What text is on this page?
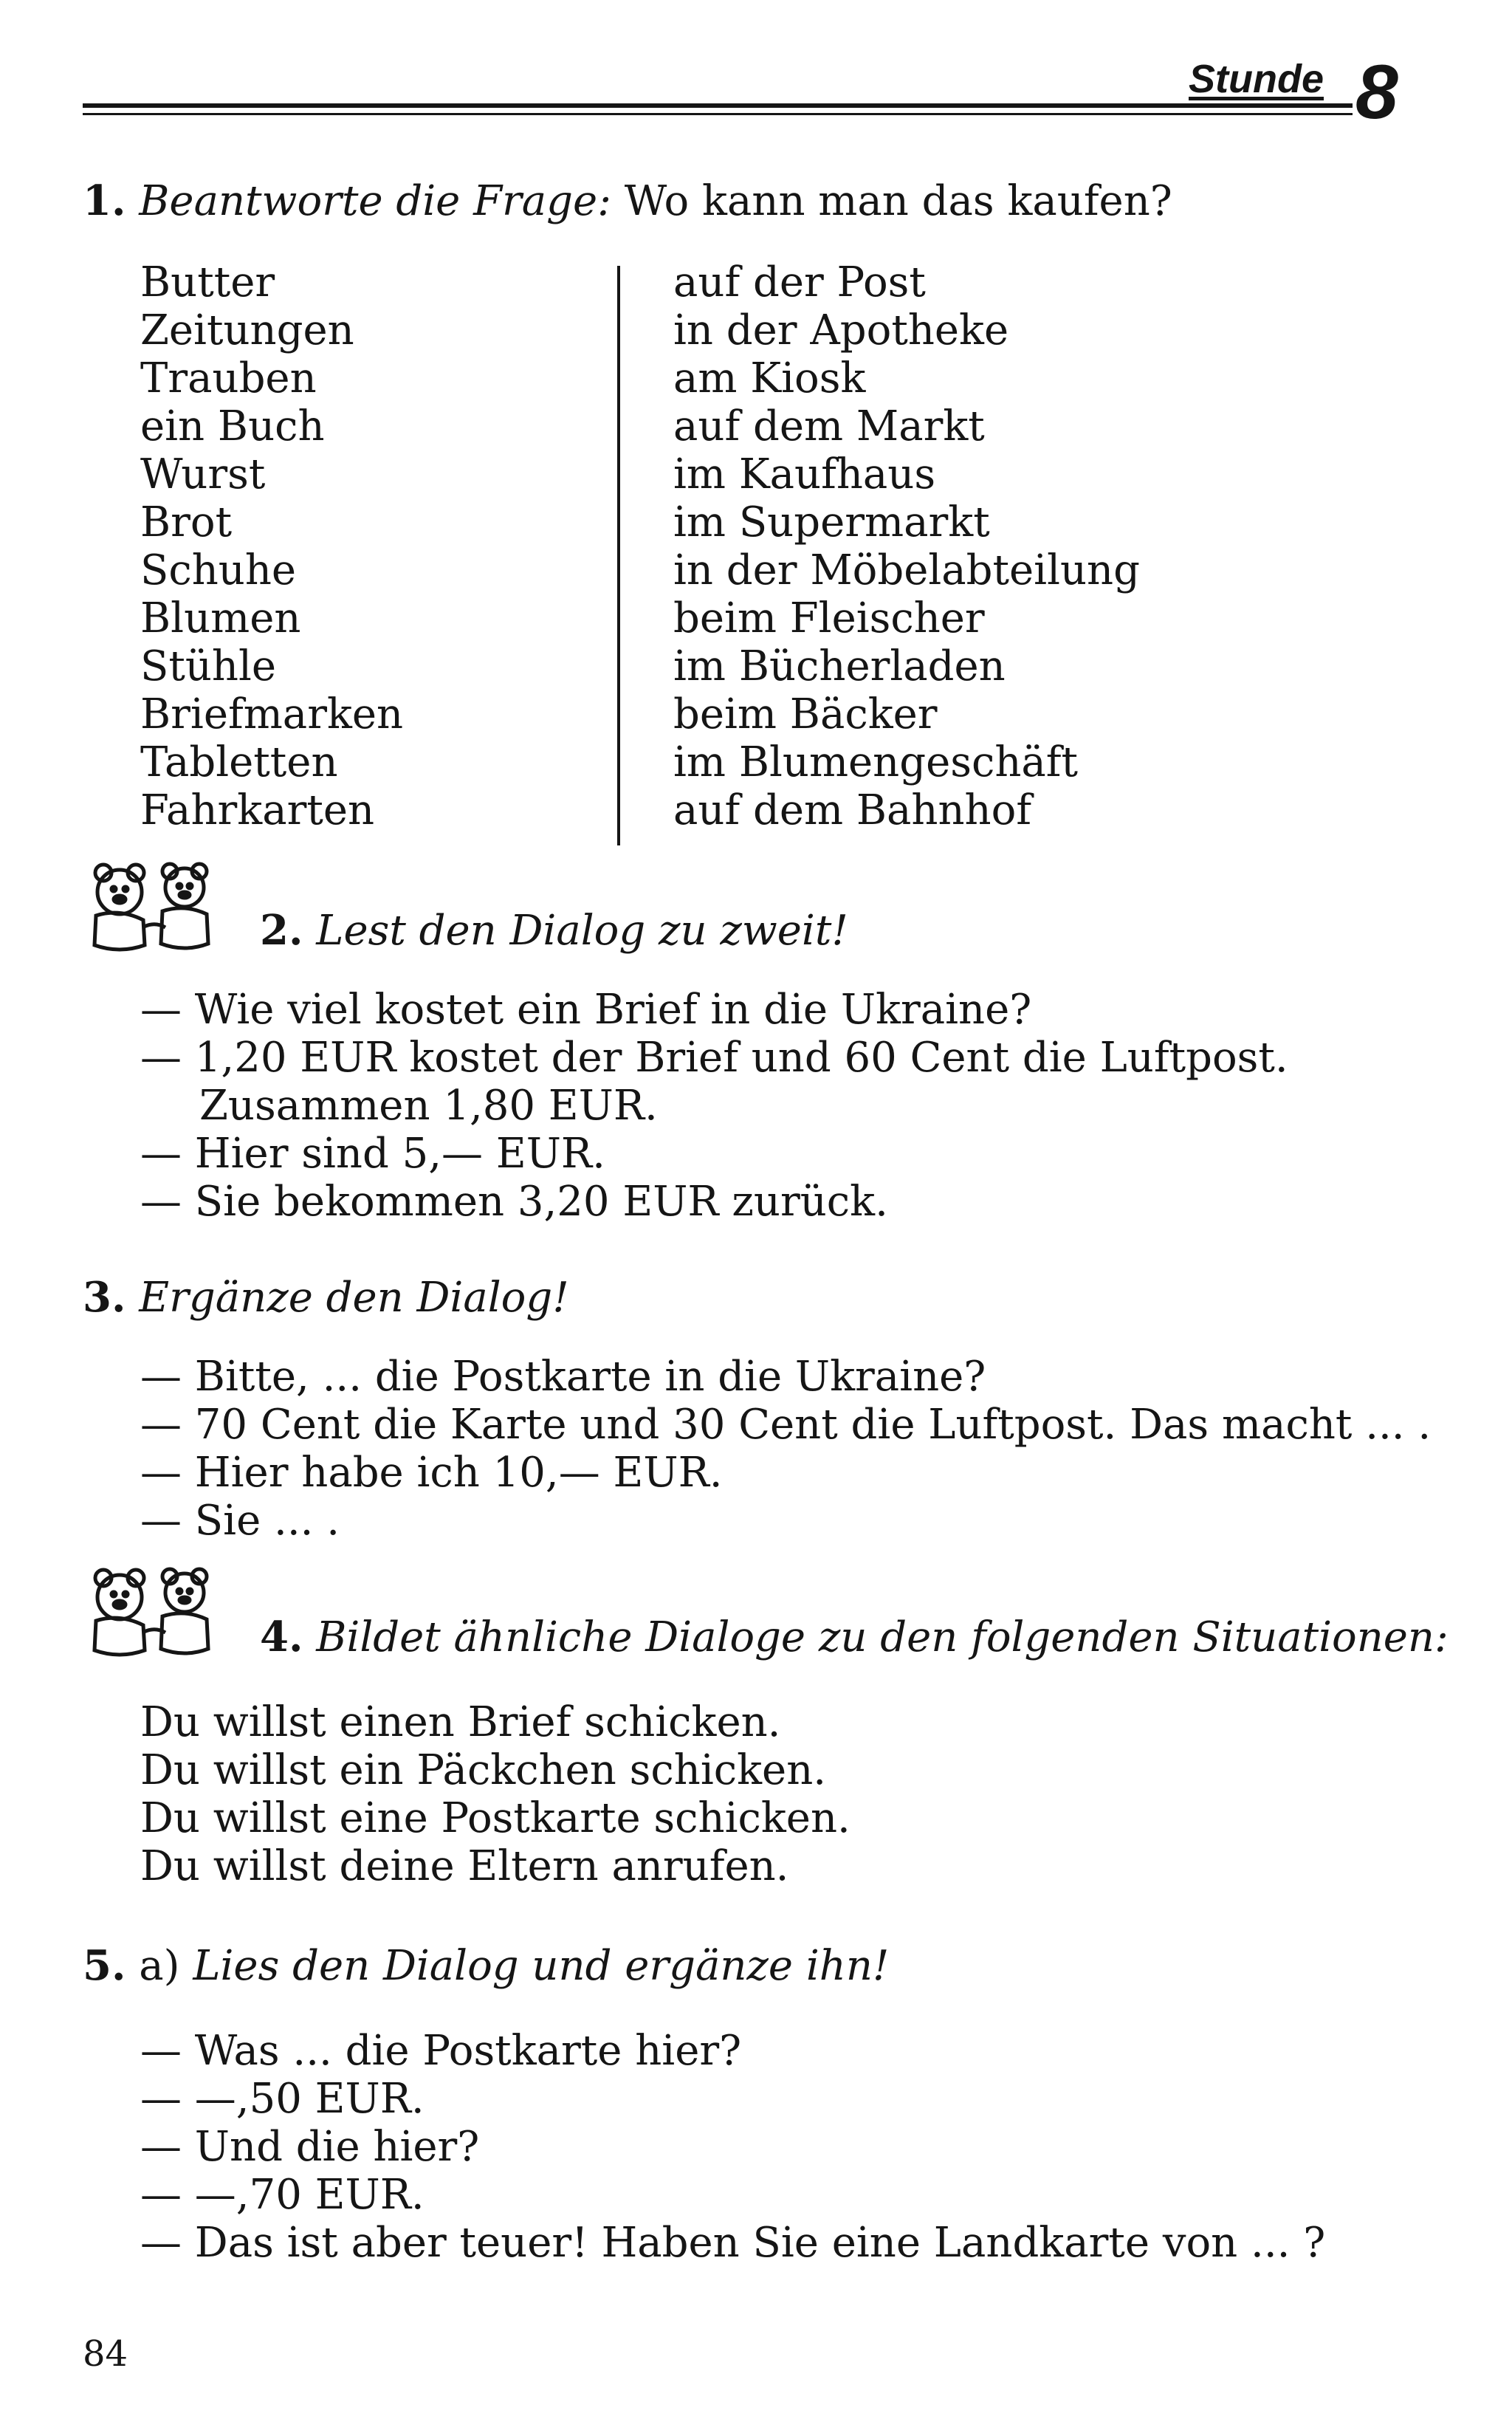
Stunde 8
1. Beantworte die Frage: Wo kann man das kaufen?
Butter
Zeitungen
Trauben
ein Buch
Wurst
Brot
Schuhe
Blumen
Stühle
Briefmarken
Tabletten
Fahrkarten
auf der Post
in der Apotheke
am Kiosk
auf dem Markt
im Kaufhaus
im Supermarkt
in der Möbelabteilung
beim Fleischer
im Bücherladen
beim Bäcker
im Blumengeschäft
auf dem Bahnhof
2. Lest den Dialog zu zweit!
— Wie viel kostet ein Brief in die Ukraine?
— 1,20 EUR kostet der Brief und 60 Cent die Luftpost.
Zusammen 1,80 EUR.
— Hier sind 5,— EUR.
— Sie bekommen 3,20 EUR zurück.
3. Ergänze den Dialog!
— Bitte, ... die Postkarte in die Ukraine?
— 70 Cent die Karte und 30 Cent die Luftpost. Das macht ... .
— Hier habe ich 10,— EUR.
— Sie ... .
4. Bildet ähnliche Dialoge zu den folgenden Situationen:
Du willst einen Brief schicken.
Du willst ein Päckchen schicken.
Du willst eine Postkarte schicken.
Du willst deine Eltern anrufen.
5. a) Lies den Dialog und ergänze ihn!
— Was ... die Postkarte hier?
— —,50 EUR.
— Und die hier?
— —,70 EUR.
— Das ist aber teuer! Haben Sie eine Landkarte von ... ?
84
